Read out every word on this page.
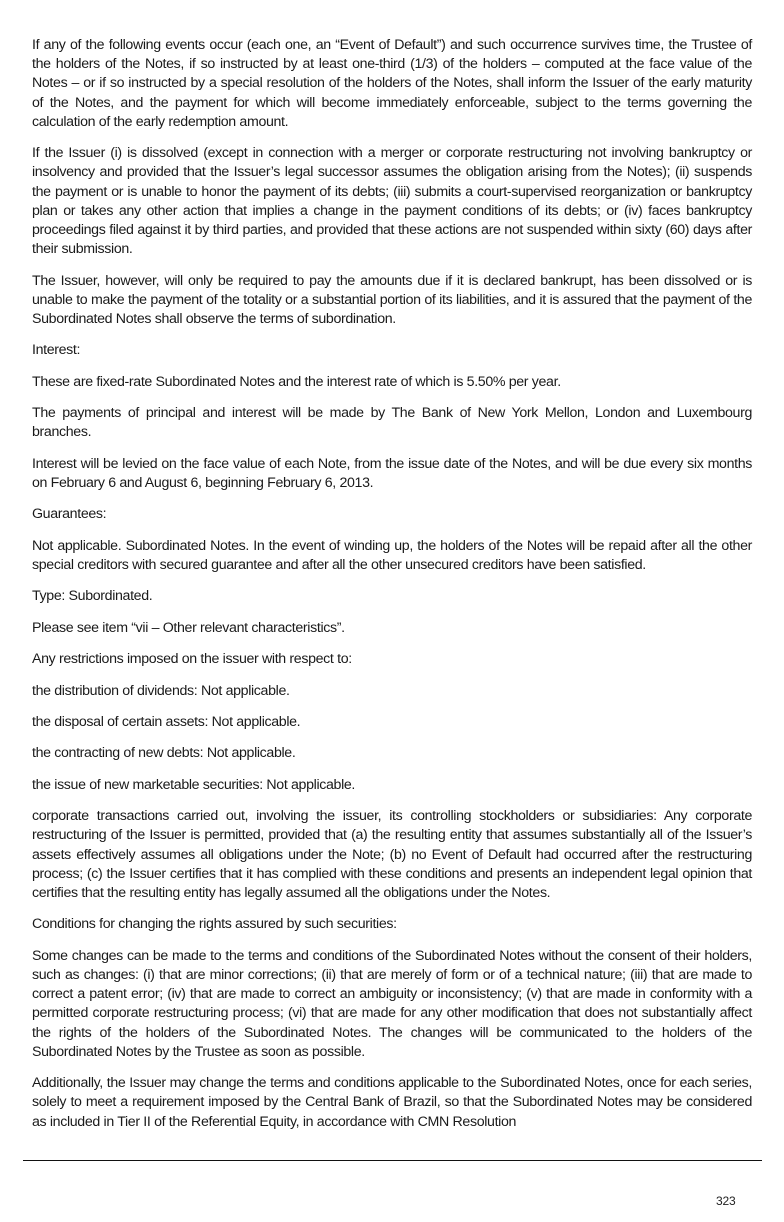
If any of the following events occur (each one, an “Event of Default”) and such occurrence survives time, the Trustee of the holders of the Notes, if so instructed by at least one-third (1/3) of the holders – computed at the face value of the Notes – or if so instructed by a special resolution of the holders of the Notes, shall inform the Issuer of the early maturity of the Notes, and the payment for which will become immediately enforceable, subject to the terms governing the calculation of the early redemption amount.

If the Issuer (i) is dissolved (except in connection with a merger or corporate restructuring not involving bankruptcy or insolvency and provided that the Issuer’s legal successor assumes the obligation arising from the Notes); (ii) suspends the payment or is unable to honor the payment of its debts; (iii) submits a court-supervised reorganization or bankruptcy plan or takes any other action that implies a change in the payment conditions of its debts; or (iv) faces bankruptcy proceedings filed against it by third parties, and provided that these actions are not suspended within sixty (60) days after their submission.

The Issuer, however, will only be required to pay the amounts due if it is declared bankrupt, has been dissolved or is unable to make the payment of the totality or a substantial portion of its liabilities, and it is assured that the payment of the Subordinated Notes shall observe the terms of subordination.

Interest:

These are fixed-rate Subordinated Notes and the interest rate of which is 5.50% per year.

The payments of principal and interest will be made by The Bank of New York Mellon, London and Luxembourg branches.

Interest will be levied on the face value of each Note, from the issue date of the Notes, and will be due every six months on February 6 and August 6, beginning February 6, 2013.

Guarantees:

Not applicable. Subordinated Notes. In the event of winding up, the holders of the Notes will be repaid after all the other special creditors with secured guarantee and after all the other unsecured creditors have been satisfied.

Type: Subordinated.

Please see item “vii – Other relevant characteristics”.

Any restrictions imposed on the issuer with respect to:

the distribution of dividends: Not applicable.

the disposal of certain assets: Not applicable.

the contracting of new debts: Not applicable.

the issue of new marketable securities: Not applicable.

corporate transactions carried out, involving the issuer, its controlling stockholders or subsidiaries: Any corporate restructuring of the Issuer is permitted, provided that (a) the resulting entity that assumes substantially all of the Issuer’s assets effectively assumes all obligations under the Note; (b) no Event of Default had occurred after the restructuring process; (c) the Issuer certifies that it has complied with these conditions and presents an independent legal opinion that certifies that the resulting entity has legally assumed all the obligations under the Notes.

Conditions for changing the rights assured by such securities:

Some changes can be made to the terms and conditions of the Subordinated Notes without the consent of their holders, such as changes: (i) that are minor corrections; (ii) that are merely of form or of a technical nature; (iii) that are made to correct a patent error; (iv) that are made to correct an ambiguity or inconsistency; (v) that are made in conformity with a permitted corporate restructuring process; (vi) that are made for any other modification that does not substantially affect the rights of the holders of the Subordinated Notes. The changes will be communicated to the holders of the Subordinated Notes by the Trustee as soon as possible.

Additionally, the Issuer may change the terms and conditions applicable to the Subordinated Notes, once for each series, solely to meet a requirement imposed by the Central Bank of Brazil, so that the Subordinated Notes may be considered as included in Tier II of the Referential Equity, in accordance with CMN Resolution

323
